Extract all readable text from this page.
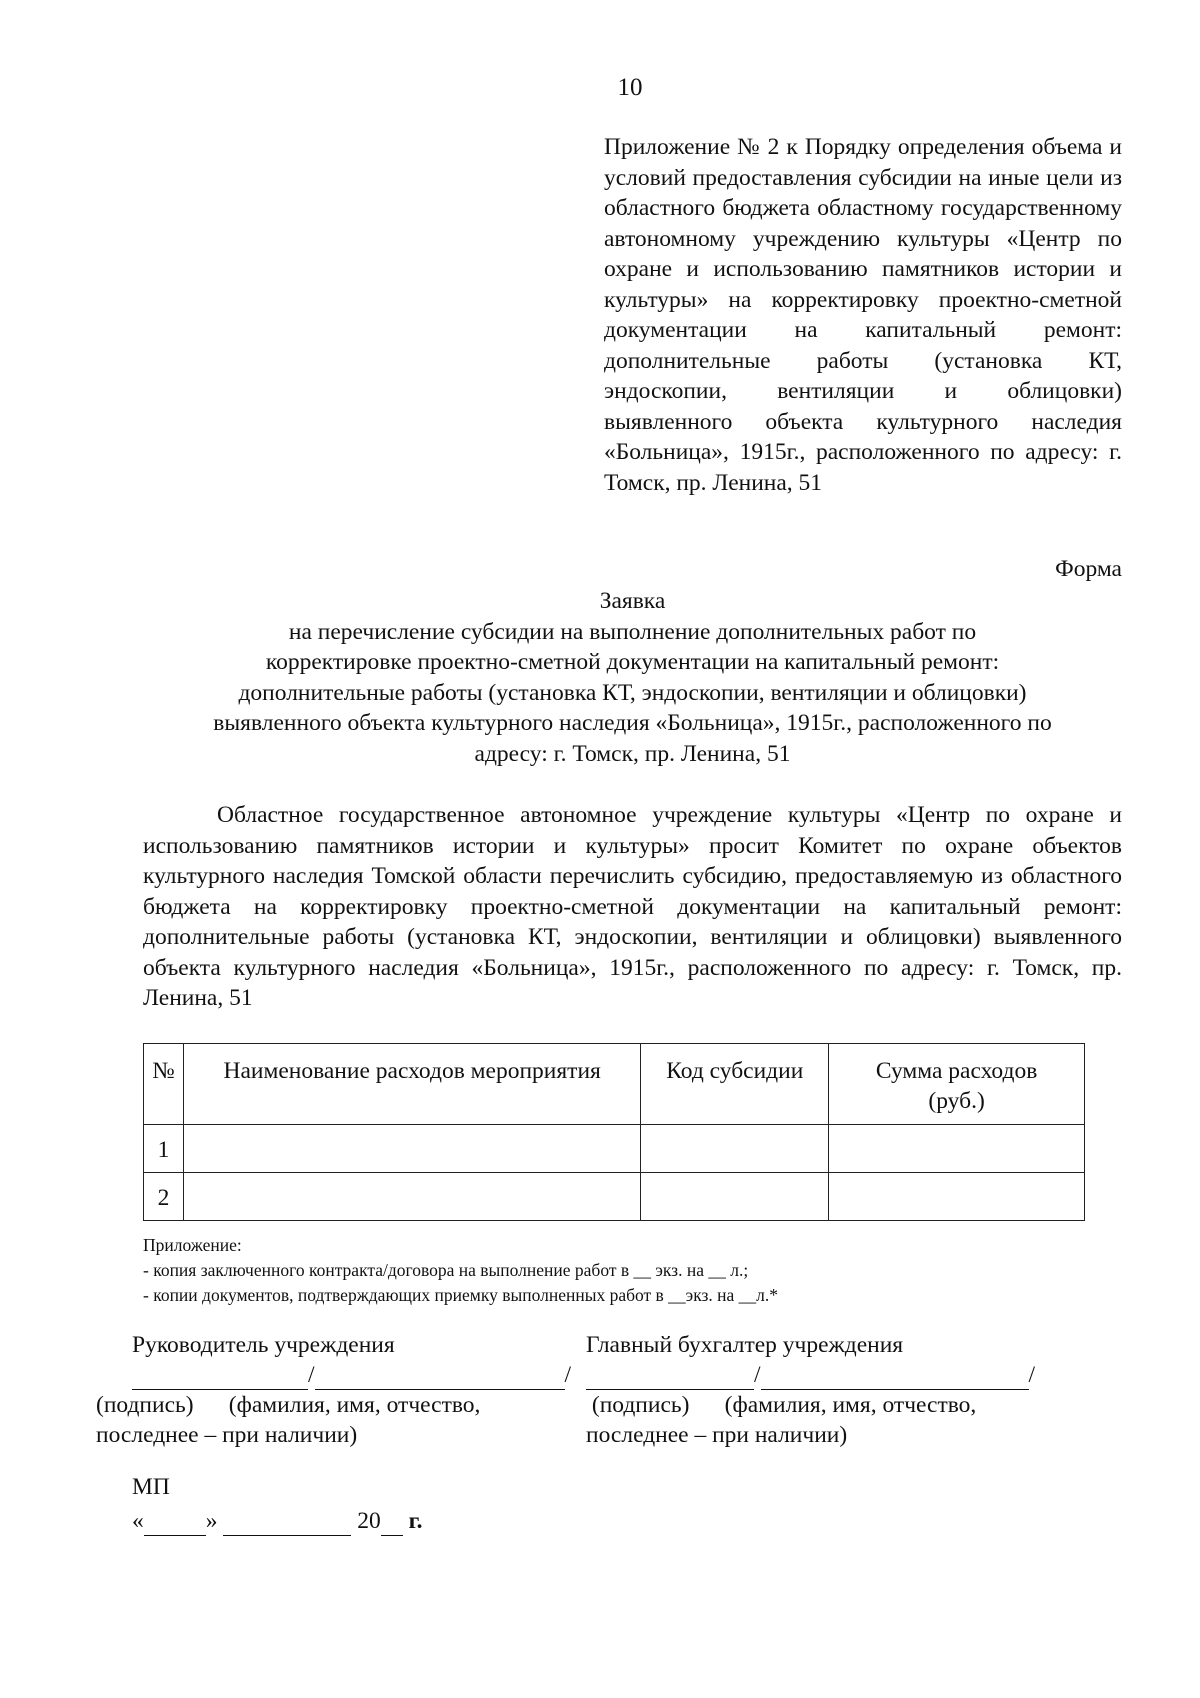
10
Приложение № 2 к Порядку определения объема и условий предоставления субсидии на иные цели из областного бюджета областному государственному автономному учреждению культуры «Центр по охране и использованию памятников истории и культуры» на корректировку проектно-сметной документации на капитальный ремонт: дополнительные работы (установка КТ, эндоскопии, вентиляции и облицовки) выявленного объекта культурного наследия «Больница», 1915г., расположенного по адресу: г. Томск, пр. Ленина, 51
Форма
Заявка
на перечисление субсидии на выполнение дополнительных работ по
корректировке проектно-сметной документации на капитальный ремонт:
дополнительные работы (установка КТ, эндоскопии, вентиляции и облицовки)
выявленного объекта культурного наследия «Больница», 1915г., расположенного по
адресу: г. Томск, пр. Ленина, 51
Областное государственное автономное учреждение культуры «Центр по охране и использованию памятников истории и культуры» просит Комитет по охране объектов культурного наследия Томской области перечислить субсидию, предоставляемую из областного бюджета на корректировку проектно-сметной документации на капитальный ремонт: дополнительные работы (установка КТ, эндоскопии, вентиляции и облицовки) выявленного объекта культурного наследия «Больница», 1915г., расположенного по адресу: г. Томск, пр. Ленина, 51
№	Наименование расходов мероприятия	Код субсидии	Сумма расходов (руб.)
1			
2			
Приложение:
- копия заключенного контракта/договора на выполнение работ в __ экз. на __ л.;
- копии документов, подтверждающих приемку выполненных работ в __экз. на __л.*
Руководитель учреждения
/	/
(подпись)      (фамилия, имя, отчество,
последнее – при наличии)
Главный бухгалтер учреждения
/	/
(подпись)      (фамилия, имя, отчество,
последнее – при наличии)
МП
«	»	20 г.
